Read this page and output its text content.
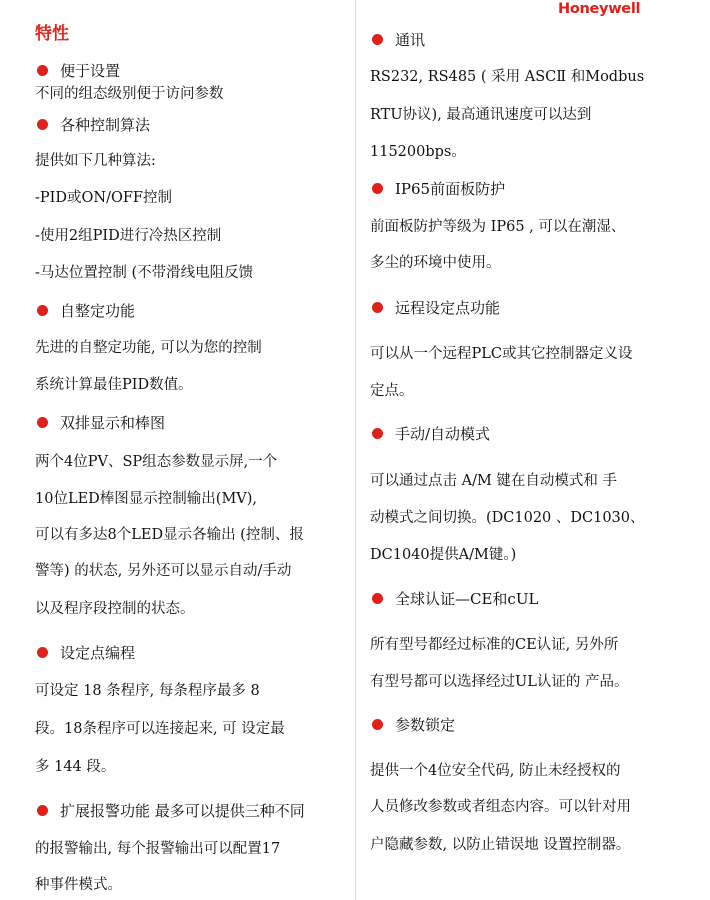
Honeywell
特性
便于设置
不同的组态级别便于访问参数
各种控制算法
提供如下几种算法:
-PID或ON/OFF控制
-使用2组PID进行冷热区控制
-马达位置控制 (不带滑线电阻反馈
自整定功能
先进的自整定功能, 可以为您的控制
系统计算最佳PID数值。
双排显示和棒图
两个4位PV、SP组态参数显示屏,一个
10位LED棒图显示控制输出(MV),
可以有多达8个LED显示各输出 (控制、报
警等) 的状态, 另外还可以显示自动/手动
以及程序段控制的状态。
设定点编程
可设定 18 条程序, 每条程序最多 8
段。18条程序可以连接起来, 可 设定最
多 144 段。
扩展报警功能 最多可以提供三种不同
的报警输出, 每个报警输出可以配置17
种事件模式。
通讯
RS232, RS485 ( 采用 ASCⅡ 和Modbus
RTU协议), 最高通讯速度可以达到
115200bps。
IP65前面板防护
前面板防护等级为 IP65 , 可以在潮湿、
多尘的环境中使用。
远程设定点功能
可以从一个远程PLC或其它控制器定义设
定点。
手动/自动模式
可以通过点击 A/M 键在自动模式和 手
动模式之间切换。(DC1020 、DC1030、
DC1040提供A/M键。)
全球认证—CE和cUL
所有型号都经过标准的CE认证, 另外所
有型号都可以选择经过UL认证的 产品。
参数锁定
提供一个4位安全代码, 防止未经授权的
人员修改参数或者组态内容。可以针对用
户隐藏参数, 以防止错误地 设置控制器。
